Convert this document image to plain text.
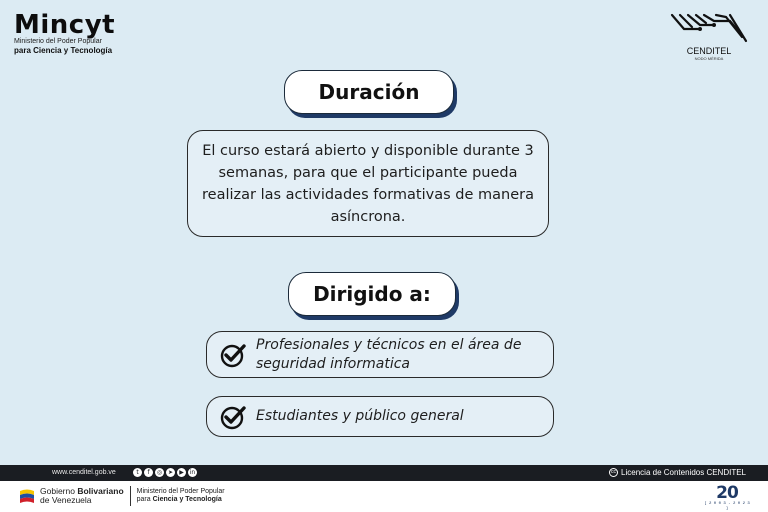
Mincyt
Ministerio del Poder Popular
para Ciencia y Tecnología	CENDITEL
NODO MÉRIDA
Duración
El curso estará abierto y disponible durante 3 semanas, para que el participante pueda realizar las actividades formativas de manera asíncrona.
Dirigido a:
Profesionales y técnicos en el área de seguridad informatica
Estudiantes y público general
www.cenditel.gob.ve	t	f	◎ ➤	▶ in	cc Licencia de Contenidos CENDITEL
Gobierno Bolivariano
de Venezuela
Ministerio del Poder Popular
para Ciencia y Tecnología	20
[ 2 0 0 3 - 2 0 2 3 ]
